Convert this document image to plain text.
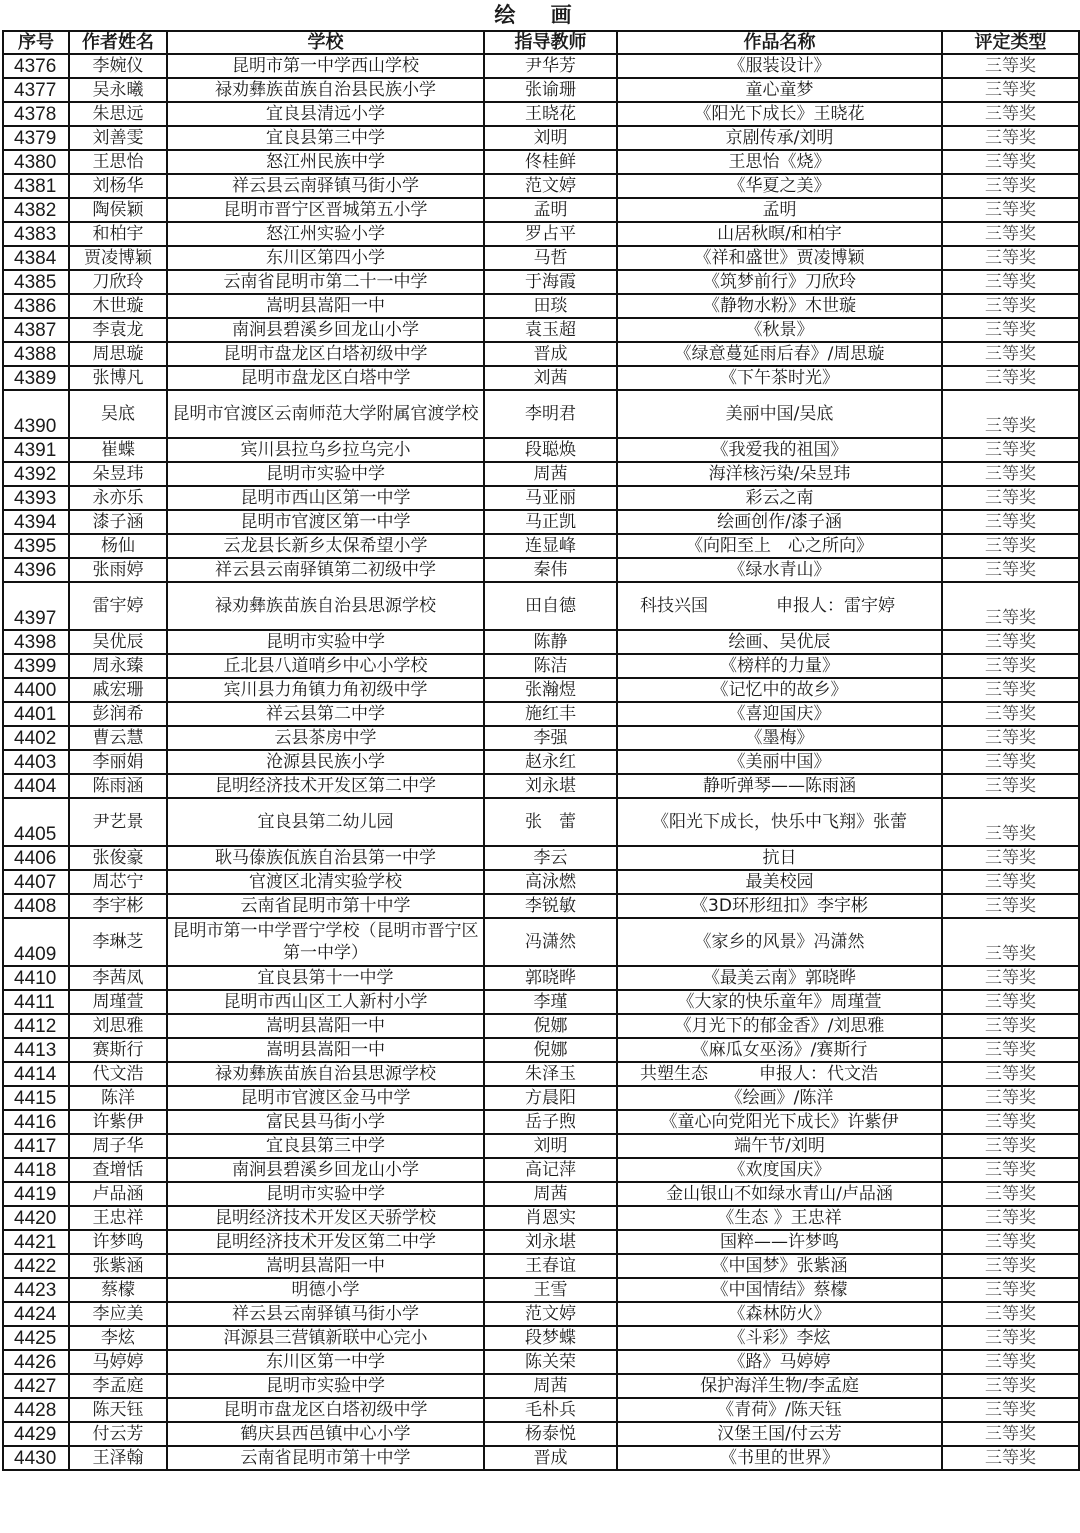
绘 画
序号	作者姓名	学校	指导教师	作品名称	评定类型
4376	李婉仪	昆明市第一中学西山学校	尹华芳	《服装设计》	三等奖
4377	吴永曦	禄劝彝族苗族自治县民族小学	张谕珊	童心童梦	三等奖
4378	朱思远	宜良县清远小学	王晓花	《阳光下成长》王晓花	三等奖
4379	刘善雯	宜良县第三中学	刘明	京剧传承/刘明	三等奖
4380	王思怡	怒江州民族中学	佟桂鲜	王思怡《烧》	三等奖
4381	刘杨华	祥云县云南驿镇马街小学	范文婷	《华夏之美》	三等奖
4382	陶侯颖	昆明市晋宁区晋城第五小学	孟明	孟明	三等奖
4383	和柏宇	怒江州实验小学	罗占平	山居秋暝/和柏宇	三等奖
4384	贾凌博颖	东川区第四小学	马哲	《祥和盛世》贾凌博颖	三等奖
4385	刀欣玲	云南省昆明市第二十一中学	于海霞	《筑梦前行》刀欣玲	三等奖
4386	木世璇	嵩明县嵩阳一中	田琰	《静物水粉》木世璇	三等奖
4387	李袁龙	南涧县碧溪乡回龙山小学	袁玉超	《秋景》	三等奖
4388	周思璇	昆明市盘龙区白塔初级中学	晋成	《绿意蔓延雨后春》/周思璇	三等奖
4389	张博凡	昆明市盘龙区白塔中学	刘茜	《下午茶时光》	三等奖
4390	吴底	昆明市官渡区云南师范大学附属官渡学校	李明君	美丽中国/吴底	三等奖
4391	崔蝶	宾川县拉乌乡拉乌完小	段聪焕	《我爱我的祖国》	三等奖
4392	朵昱玮	昆明市实验中学	周茜	海洋核污染/朵昱玮	三等奖
4393	永亦乐	昆明市西山区第一中学	马亚丽	彩云之南	三等奖
4394	漆子涵	昆明市官渡区第一中学	马正凯	绘画创作/漆子涵	三等奖
4395	杨仙	云龙县长新乡太保希望小学	连显峰	《向阳至上　心之所向》	三等奖
4396	张雨婷	祥云县云南驿镇第二初级中学	秦伟	《绿水青山》	三等奖
4397	雷宇婷	禄劝彝族苗族自治县思源学校	田自德	科技兴国　　　　申报人：雷宇婷	三等奖
4398	吴优辰	昆明市实验中学	陈静	绘画、吴优辰	三等奖
4399	周永臻	丘北县八道哨乡中心小学校	陈洁	《榜样的力量》	三等奖
4400	戚宏珊	宾川县力角镇力角初级中学	张瀚煜	《记忆中的故乡》	三等奖
4401	彭润希	祥云县第二中学	施红丰	《喜迎国庆》	三等奖
4402	曹云慧	云县茶房中学	李强	《墨梅》	三等奖
4403	李丽娟	沧源县民族小学	赵永红	《美丽中国》	三等奖
4404	陈雨涵	昆明经济技术开发区第二中学	刘永堪	静听弹琴——陈雨涵	三等奖
4405	尹艺景	宜良县第二幼儿园	张　蕾	《阳光下成长，快乐中飞翔》张蕾	三等奖
4406	张俊豪	耿马傣族佤族自治县第一中学	李云	抗日	三等奖
4407	周芯宁	官渡区北清实验学校	高泳燃	最美校园	三等奖
4408	李宇彬	云南省昆明市第十中学	李锐敏	《3D环形纽扣》李宇彬	三等奖
4409	李琳芝	昆明市第一中学晋宁学校（昆明市晋宁区第一中学）	冯潇然	《家乡的风景》冯潇然	三等奖
4410	李茜凤	宜良县第十一中学	郭晓晔	《最美云南》郭晓晔	三等奖
4411	周瑾萱	昆明市西山区工人新村小学	李瑾	《大家的快乐童年》周瑾萱	三等奖
4412	刘思雅	嵩明县嵩阳一中	倪娜	《月光下的郁金香》/刘思雅	三等奖
4413	赛斯行	嵩明县嵩阳一中	倪娜	《麻瓜女巫汤》/赛斯行	三等奖
4414	代文浩	禄劝彝族苗族自治县思源学校	朱泽玉	共塑生态　　　申报人：代文浩	三等奖
4415	陈洋	昆明市官渡区金马中学	方晨阳	《绘画》/陈洋	三等奖
4416	许紫伊	富民县马街小学	岳子煦	《童心向党阳光下成长》许紫伊	三等奖
4417	周子华	宜良县第三中学	刘明	端午节/刘明	三等奖
4418	查增恬	南涧县碧溪乡回龙山小学	高记萍	《欢度国庆》	三等奖
4419	卢品涵	昆明市实验中学	周茜	金山银山不如绿水青山/卢品涵	三等奖
4420	王忠祥	昆明经济技术开发区天骄学校	肖恩实	《生态 》王忠祥	三等奖
4421	许梦鸣	昆明经济技术开发区第二中学	刘永堪	国粹——许梦鸣	三等奖
4422	张紫涵	嵩明县嵩阳一中	王春谊	《中国梦》张紫涵	三等奖
4423	蔡檬	明德小学	王雪	《中国情结》蔡檬	三等奖
4424	李应美	祥云县云南驿镇马街小学	范文婷	《森林防火》	三等奖
4425	李炫	洱源县三营镇新联中心完小	段梦蝶	《斗彩》李炫	三等奖
4426	马婷婷	东川区第一中学	陈关荣	《路》马婷婷	三等奖
4427	李孟庭	昆明市实验中学	周茜	保护海洋生物/李孟庭	三等奖
4428	陈天钰	昆明市盘龙区白塔初级中学	毛朴兵	《青荷》/陈天钰	三等奖
4429	付云芳	鹤庆县西邑镇中心小学	杨泰悦	汉堡王国/付云芳	三等奖
4430	王泽翰	云南省昆明市第十中学	晋成	《书里的世界》	三等奖
